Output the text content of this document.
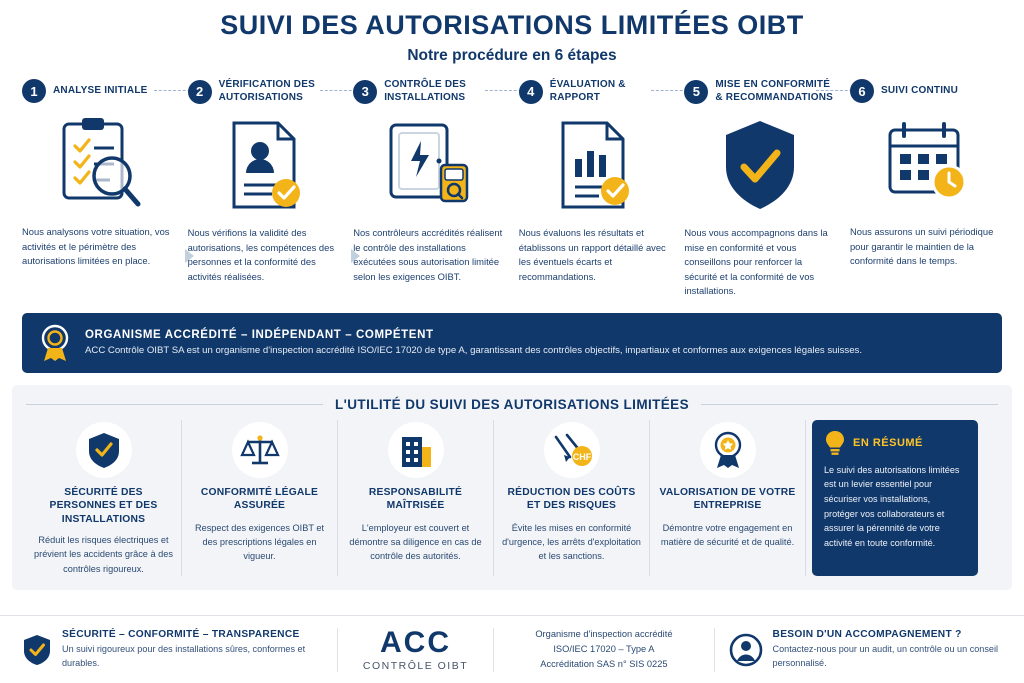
SUIVI DES AUTORISATIONS LIMITÉES OIBT
Notre procédure en 6 étapes
1	ANALYSE INITIALE
Nous analysons votre situation, vos activités et le périmètre des autorisations limitées en place.
2	VÉRIFICATION DES AUTORISATIONS
Nous vérifions la validité des autorisations, les compétences des personnes et la conformité des activités réalisées.
3	CONTRÔLE DES INSTALLATIONS
Nos contrôleurs accrédités réalisent le contrôle des installations exécutées sous autorisation limitée selon les exigences OIBT.
4	ÉVALUATION & RAPPORT
Nous évaluons les résultats et établissons un rapport détaillé avec les éventuels écarts et recommandations.
5	MISE EN CONFORMITÉ & RECOMMANDATIONS
Nous vous accompagnons dans la mise en conformité et vous conseillons pour renforcer la sécurité et la conformité de vos installations.
6	SUIVI CONTINU
Nous assurons un suivi périodique pour garantir le maintien de la conformité dans le temps.
ORGANISME ACCRÉDITÉ – INDÉPENDANT – COMPÉTENT
ACC Contrôle OIBT SA est un organisme d'inspection accrédité ISO/IEC 17020 de type A, garantissant des contrôles objectifs, impartiaux et conformes aux exigences légales suisses.
L'UTILITÉ DU SUIVI DES AUTORISATIONS LIMITÉES
SÉCURITÉ DES PERSONNES ET DES INSTALLATIONS
Réduit les risques électriques et prévient les accidents grâce à des contrôles rigoureux.
CONFORMITÉ LÉGALE ASSURÉE
Respect des exigences OIBT et des prescriptions légales en vigueur.
RESPONSABILITÉ MAÎTRISÉE
L'employeur est couvert et démontre sa diligence en cas de contrôle des autorités.
CHF
RÉDUCTION DES COÛTS ET DES RISQUES
Évite les mises en conformité d'urgence, les arrêts d'exploitation et les sanctions.
VALORISATION DE VOTRE ENTREPRISE
Démontre votre engagement en matière de sécurité et de qualité.
EN RÉSUMÉ
Le suivi des autorisations limitées est un levier essentiel pour sécuriser vos installations, protéger vos collaborateurs et assurer la pérennité de votre activité en toute conformité.
SÉCURITÉ – CONFORMITÉ – TRANSPARENCE
Un suivi rigoureux pour des installations sûres, conformes et durables.
ACC
CONTRÔLE OIBT
Organisme d'inspection accrédité
ISO/IEC 17020 – Type A
Accréditation SAS n° SIS 0225
BESOIN D'UN ACCOMPAGNEMENT ?
Contactez-nous pour un audit, un contrôle ou un conseil personnalisé.
